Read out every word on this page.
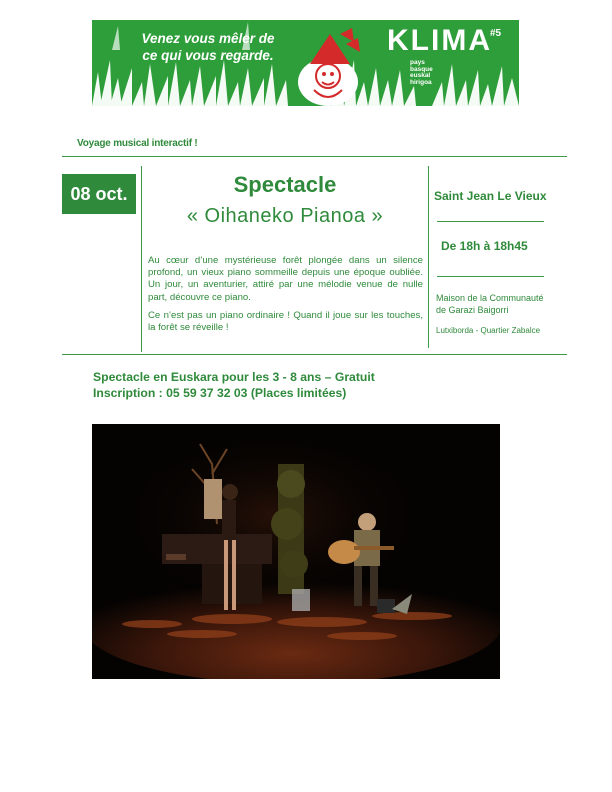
Venez vous mêler de
ce qui vous regarde.	KLIMA
#5
pays
basque
euskal
hirigoa
Voyage musical interactif !
08 oct.	Spectacle
« Oihaneko Pianoa »

Au cœur d’une mystérieuse forêt plongée dans un silence profond, un vieux piano sommeille depuis une époque oubliée. Un jour, un aventurier, attiré par une mélodie venue de nulle part, découvre ce piano.

Ce n’est pas un piano ordinaire ! Quand il joue sur les touches, la forêt se réveille !

Saint Jean Le Vieux
De 18h à 18h45
Maison de la Communauté
de Garazi Baigorri
Lutxiborda - Quartier Zabalce
Spectacle en Euskara pour les 3 - 8 ans – Gratuit
Inscription : 05 59 37 32 03 (Places limitées)
